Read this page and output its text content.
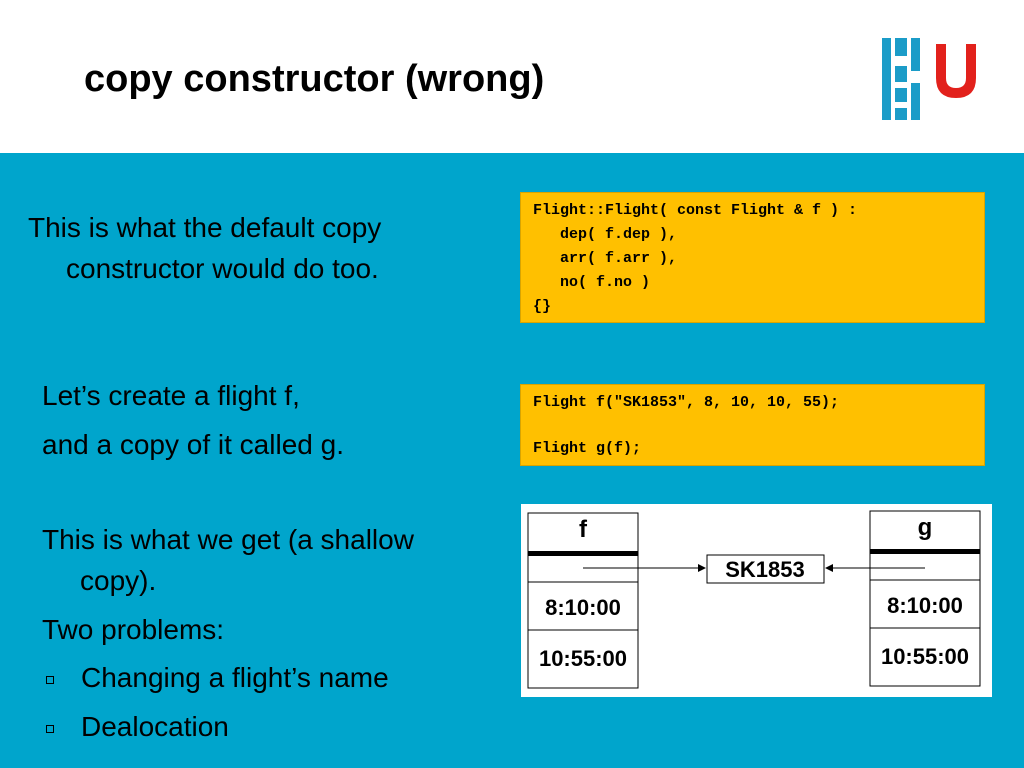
copy constructor (wrong)
This is what the default copy
constructor would do too.
Flight::Flight( const Flight & f ) :
dep( f.dep ),
arr( f.arr ),
no( f.no )
{}
Let’s create a flight f,
and a copy of it called g.
Flight f("SK1853", 8, 10, 10, 55);
Flight g(f);
This is what we get (a shallow
copy).
Two problems:
Changing a flight’s name
Dealocation
f
8:10:00
10:55:00
g
8:10:00
10:55:00
SK1853
